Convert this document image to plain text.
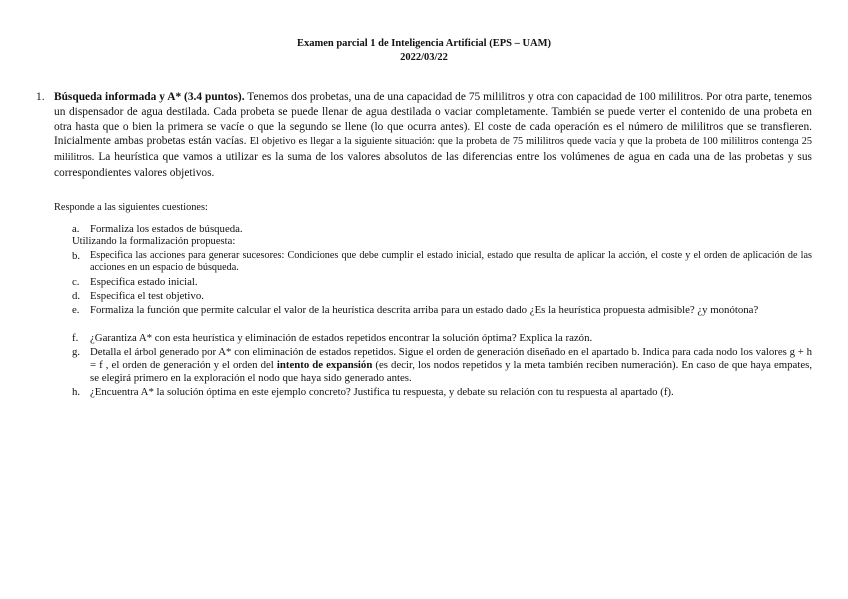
Examen parcial 1 de Inteligencia Artificial (EPS – UAM)
2022/03/22
1. Búsqueda informada y A* (3.4 puntos). Tenemos dos probetas, una de una capacidad de 75 mililitros y otra con capacidad de 100 mililitros. Por otra parte, tenemos un dispensador de agua destilada. Cada probeta se puede llenar de agua destilada o vaciar completamente. También se puede verter el contenido de una probeta en otra hasta que o bien la primera se vacíe o que la segundo se llene (lo que ocurra antes). El coste de cada operación es el número de mililitros que se transfieren. Inicialmente ambas probetas están vacías. El objetivo es llegar a la siguiente situación: que la probeta de 75 mililitros quede vacía y que la probeta de 100 mililitros contenga 25 mililitros. La heurística que vamos a utilizar es la suma de los valores absolutos de las diferencias entre los volúmenes de agua en cada una de las probetas y sus correspondientes valores objetivos.
Responde a las siguientes cuestiones:
a. Formaliza los estados de búsqueda.
Utilizando la formalización propuesta:
b. Especifica las acciones para generar sucesores: Condiciones que debe cumplir el estado inicial, estado que resulta de aplicar la acción, el coste y el orden de aplicación de las acciones en un espacio de búsqueda.
c. Especifica estado inicial.
d. Especifica el test objetivo.
e. Formaliza la función que permite calcular el valor de la heurística descrita arriba para un estado dado ¿Es la heurística propuesta admisible? ¿y monótona?
f.	¿Garantiza A* con esta heurística y eliminación de estados repetidos encontrar la solución óptima? Explica la razón.
g. Detalla el árbol generado por A* con eliminación de estados repetidos. Sigue el orden de generación diseñado en el apartado b. Indica para cada nodo los valores g + h = f , el orden de generación y el orden del intento de expansión (es decir, los nodos repetidos y la meta también reciben numeración). En caso de que haya empates, se elegirá primero en la exploración el nodo que haya sido generado antes.
h. ¿Encuentra A* la solución óptima en este ejemplo concreto? Justifica tu respuesta, y debate su relación con tu respuesta al apartado (f).
